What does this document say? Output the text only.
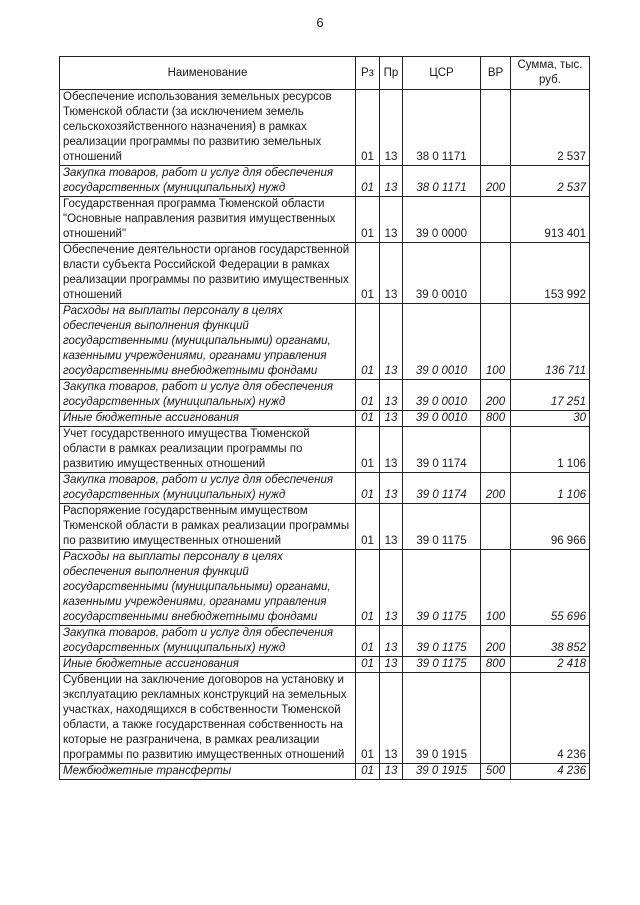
6
Наименование	Рз	Пр	ЦСР	ВР	Сумма, тыс. руб.
Обеспечение использования земельных ресурсов Тюменской области (за исключением земель сельскохозяйственного назначения) в рамках реализации программы по развитию земельных отношений	01	13	38 0 1171		2 537
Закупка товаров, работ и услуг для обеспечения государственных (муниципальных) нужд	01	13	38 0 1171	200	2 537
Государственная программа Тюменской области "Основные направления развития имущественных отношений"	01	13	39 0 0000		913 401
Обеспечение деятельности органов государственной власти субъекта Российской Федерации в рамках реализации программы по развитию имущественных отношений	01	13	39 0 0010		153 992
Расходы на выплаты персоналу в целях обеспечения выполнения функций государственными (муниципальными) органами, казенными учреждениями, органами управления государственными внебюджетными фондами	01	13	39 0 0010	100	136 711
Закупка товаров, работ и услуг для обеспечения государственных (муниципальных) нужд	01	13	39 0 0010	200	17 251
Иные бюджетные ассигнования	01	13	39 0 0010	800	30
Учет государственного имущества Тюменской области в рамках реализации программы по развитию имущественных отношений	01	13	39 0 1174		1 106
Закупка товаров, работ и услуг для обеспечения государственных (муниципальных) нужд	01	13	39 0 1174	200	1 106
Распоряжение государственным имуществом Тюменской области в рамках реализации программы по развитию имущественных отношений	01	13	39 0 1175		96 966
Расходы на выплаты персоналу в целях обеспечения выполнения функций государственными (муниципальными) органами, казенными учреждениями, органами управления государственными внебюджетными фондами	01	13	39 0 1175	100	55 696
Закупка товаров, работ и услуг для обеспечения государственных (муниципальных) нужд	01	13	39 0 1175	200	38 852
Иные бюджетные ассигнования	01	13	39 0 1175	800	2 418
Субвенции на заключение договоров на установку и эксплуатацию рекламных конструкций на земельных участках, находящихся в собственности Тюменской области, а также государственная собственность на которые не разграничена, в рамках реализации программы по развитию имущественных отношений	01	13	39 0 1915		4 236
Межбюджетные трансферты	01	13	39 0 1915	500	4 236
